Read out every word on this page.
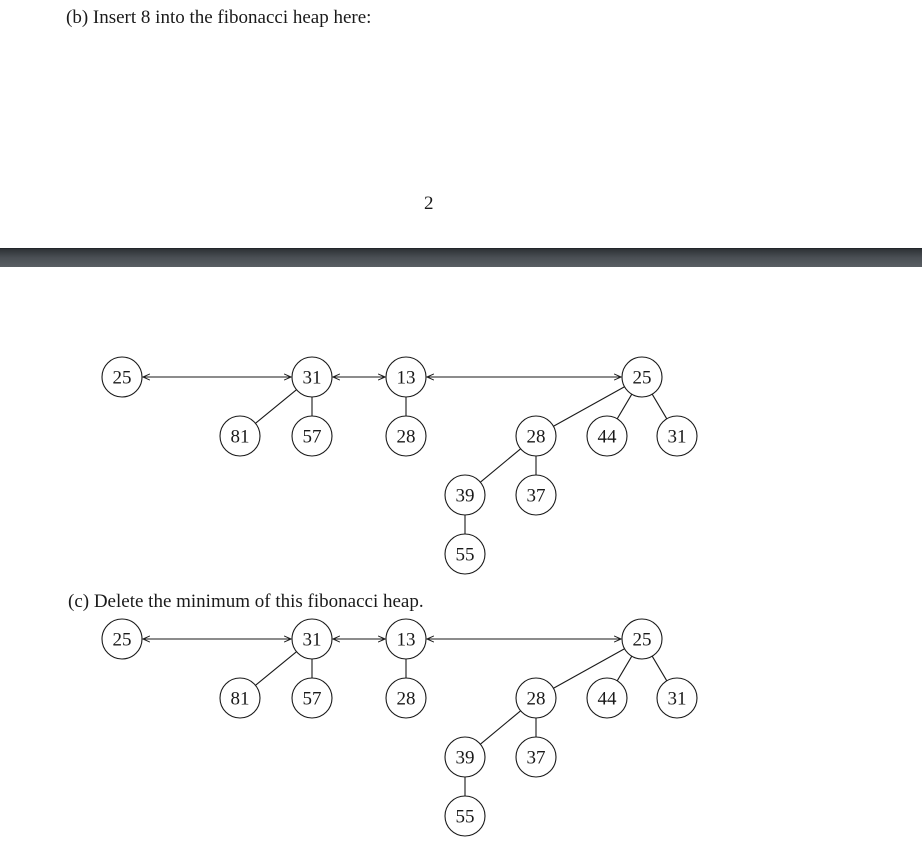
(b) Insert 8 into the fibonacci heap here:
2
(c) Delete the minimum of this fibonacci heap.
25	31	13	25
81	57	28	28	44	31
39	37
55
25	31	13	25
81	57	28	28	44	31
39	37
55
